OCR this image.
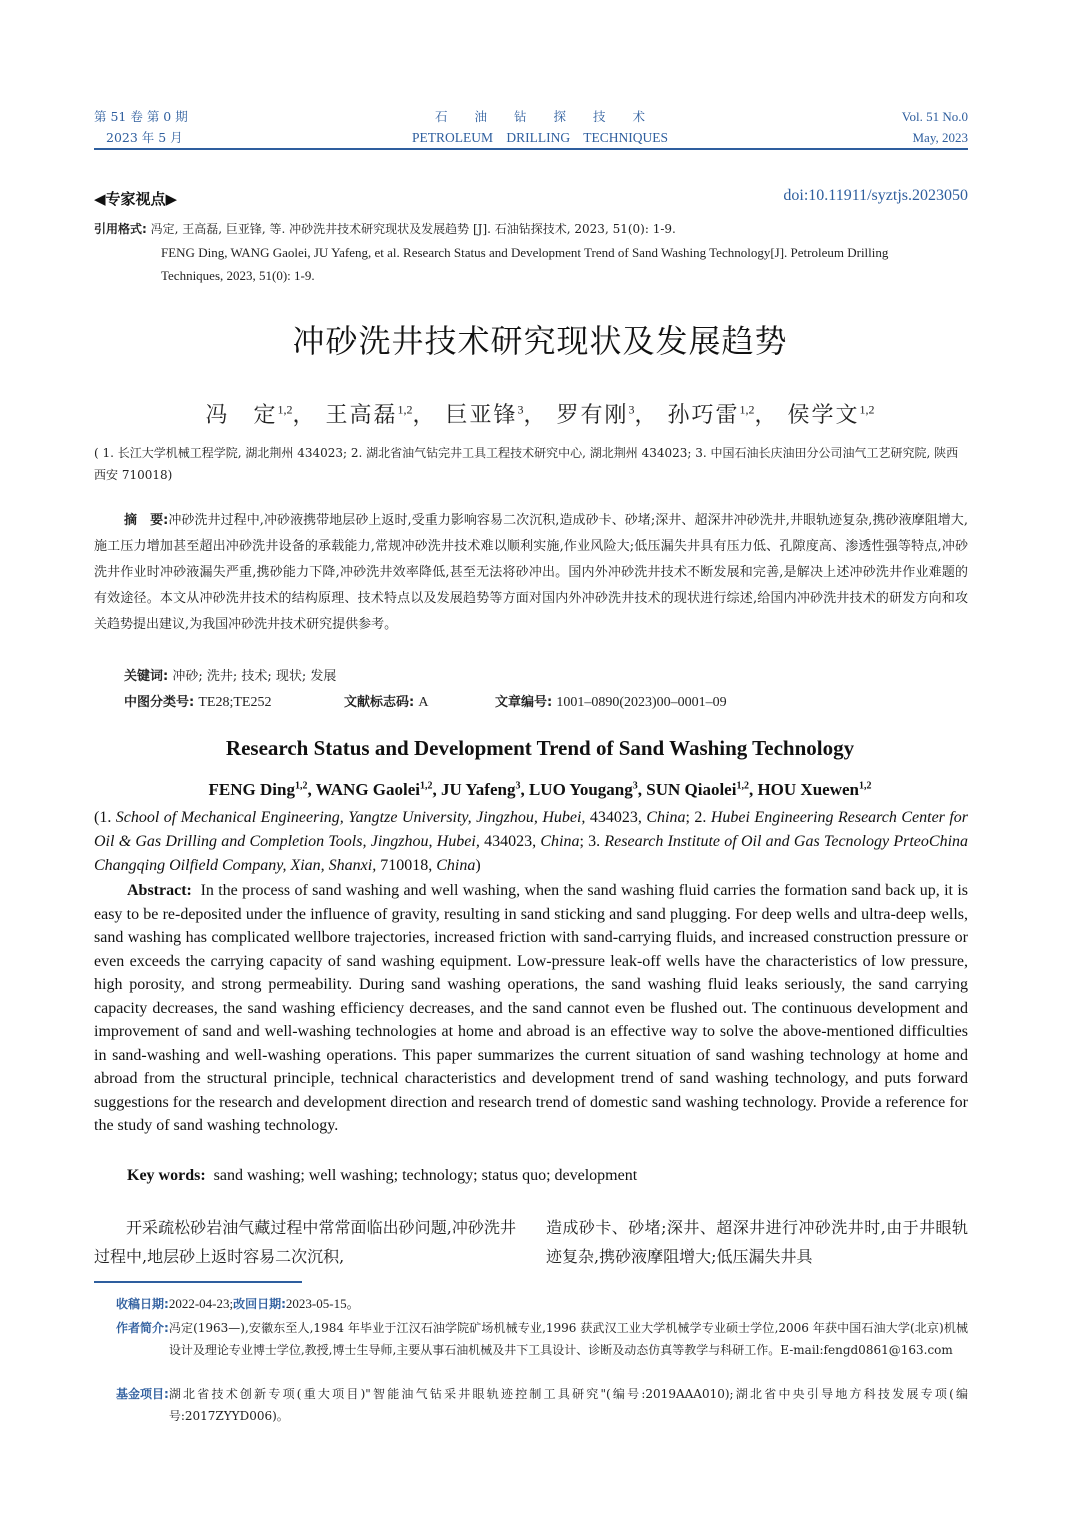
第 51 卷 第 0 期
2023 年 5 月
石油钻探技术
PETROLEUM DRILLING TECHNIQUES
Vol. 51 No.0
May, 2023
◀专家视点▶	doi:10.11911/syztjs.2023050
引用格式: 冯定, 王高磊, 巨亚锋, 等. 冲砂洗井技术研究现状及发展趋势 [J]. 石油钻探技术, 2023, 51(0): 1-9.
FENG Ding, WANG Gaolei, JU Yafeng, et al. Research Status and Development Trend of Sand Washing Technology[J]. Petroleum Drilling
Techniques, 2023, 51(0): 1-9.
冲砂洗井技术研究现状及发展趋势
冯　定$^{1,2}$， 王高磊$^{1,2}$， 巨亚锋$^3$， 罗有刚$^3$， 孙巧雷$^{1,2}$， 侯学文$^{1,2}$
( 1. 长江大学机械工程学院, 湖北荆州 434023; 2. 湖北省油气钻完井工具工程技术研究中心, 湖北荆州 434023; 3. 中国石油长庆油田分公司油气工艺研究院, 陕西西安 710018)
摘　要:冲砂洗井过程中,冲砂液携带地层砂上返时,受重力影响容易二次沉积,造成砂卡、砂堵;深井、超深井冲砂洗井,井眼轨迹复杂,携砂液摩阻增大,施工压力增加甚至超出冲砂洗井设备的承载能力,常规冲砂洗井技术难以顺利实施,作业风险大;低压漏失井具有压力低、孔隙度高、渗透性强等特点,冲砂洗井作业时冲砂液漏失严重,携砂能力下降,冲砂洗井效率降低,甚至无法将砂冲出。国内外冲砂洗井技术不断发展和完善,是解决上述冲砂洗井作业难题的有效途径。本文从冲砂洗井技术的结构原理、技术特点以及发展趋势等方面对国内外冲砂洗井技术的现状进行综述,给国内冲砂洗井技术的研发方向和攻关趋势提出建议,为我国冲砂洗井技术研究提供参考。
关键词: 冲砂; 洗井; 技术; 现状; 发展
中图分类号: TE28;TE252	文献标志码: A	文章编号: 1001–0890(2023)00–0001–09
Research Status and Development Trend of Sand Washing Technology
FENG Ding$^{1,2}$, WANG Gaolei$^{1,2}$, JU Yafeng$^3$, LUO Yougang$^3$, SUN Qiaolei$^{1,2}$, HOU Xuewen$^{1,2}$
(1. School of Mechanical Engineering, Yangtze University, Jingzhou, Hubei, 434023, China; 2. Hubei Engineering Research Center for Oil & Gas Drilling and Completion Tools, Jingzhou, Hubei, 434023, China; 3. Research Institute of Oil and Gas Tecnology PrteoChina Changqing Oilfield Company, Xian, Shanxi, 710018, China)
Abstract: In the process of sand washing and well washing, when the sand washing fluid carries the formation sand back up, it is easy to be re-deposited under the influence of gravity, resulting in sand sticking and sand plugging. For deep wells and ultra-deep wells, sand washing has complicated wellbore trajectories, increased friction with sand-carrying fluids, and increased construction pressure or even exceeds the carrying capacity of sand washing equipment. Low-pressure leak-off wells have the characteristics of low pressure, high porosity, and strong permeability. During sand washing operations, the sand washing fluid leaks seriously, the sand carrying capacity decreases, the sand washing efficiency decreases, and the sand cannot even be flushed out. The continuous development and improvement of sand and well-washing technologies at home and abroad is an effective way to solve the above-mentioned difficulties in sand-washing and well-washing operations. This paper summarizes the current situation of sand washing technology at home and abroad from the structural principle, technical characteristics and development trend of sand washing technology, and puts forward suggestions for the research and development direction and research trend of domestic sand washing technology. Provide a reference for the study of sand washing technology.
Key words: sand washing; well washing; technology; status quo; development
开采疏松砂岩油气藏过程中常常面临出砂问题,冲砂洗井过程中,地层砂上返时容易二次沉积,
造成砂卡、砂堵;深井、超深井进行冲砂洗井时,由于井眼轨迹复杂,携砂液摩阻增大;低压漏失井具
收稿日期:2022-04-23;改回日期:2023-05-15。
作者简介: 冯定(1963—),安徽东至人,1984 年毕业于江汉石油学院矿场机械专业,1996 获武汉工业大学机械学专业硕士学位,2006 年获中国石油大学(北京)机械设计及理论专业博士学位,教授,博士生导师,主要从事石油机械及井下工具设计、诊断及动态仿真等教学与科研工作。E-mail:fengd0861@163.com
基金项目: 湖北省技术创新专项(重大项目)"智能油气钻采井眼轨迹控制工具研究"(编号:2019AAA010);湖北省中央引导地方科技发展专项(编号:2017ZYYD006)。
